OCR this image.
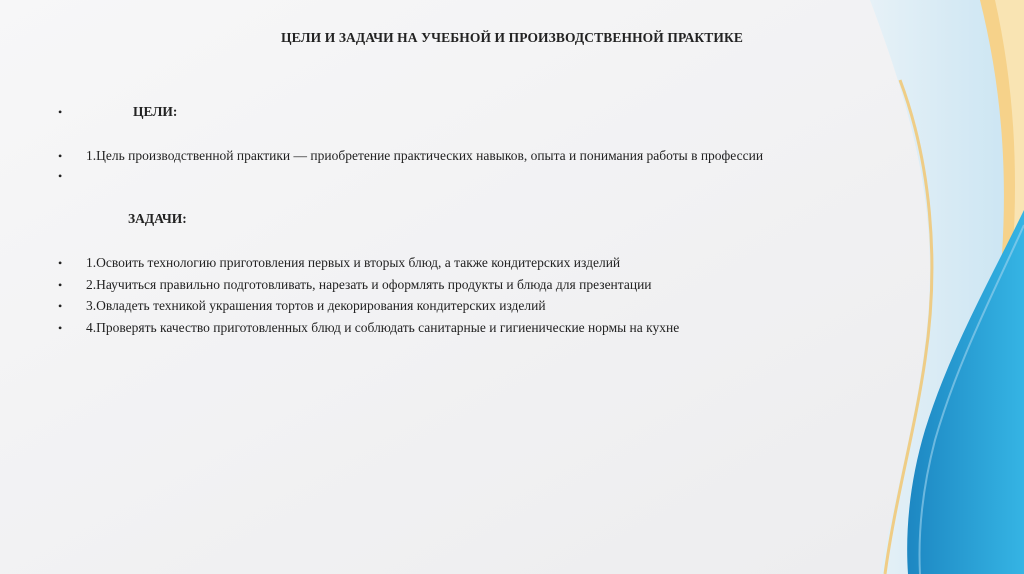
ЦЕЛИ И ЗАДАЧИ НА УЧЕБНОЙ И ПРОИЗВОДСТВЕННОЙ ПРАКТИКЕ
•	ЦЕЛИ:
• 1.Цель производственной практики — приобретение практических навыков, опыта и понимания работы в профессии
•
ЗАДАЧИ:
• 1.Освоить технологию приготовления первых и вторых блюд, а также кондитерских изделий
• 2.Научиться правильно подготовливать, нарезать и оформлять продукты и блюда для презентации
• 3.Овладеть техникой украшения тортов и декорирования кондитерских изделий
• 4.Проверять качество приготовленных блюд и соблюдать санитарные и гигиенические нормы на кухне
